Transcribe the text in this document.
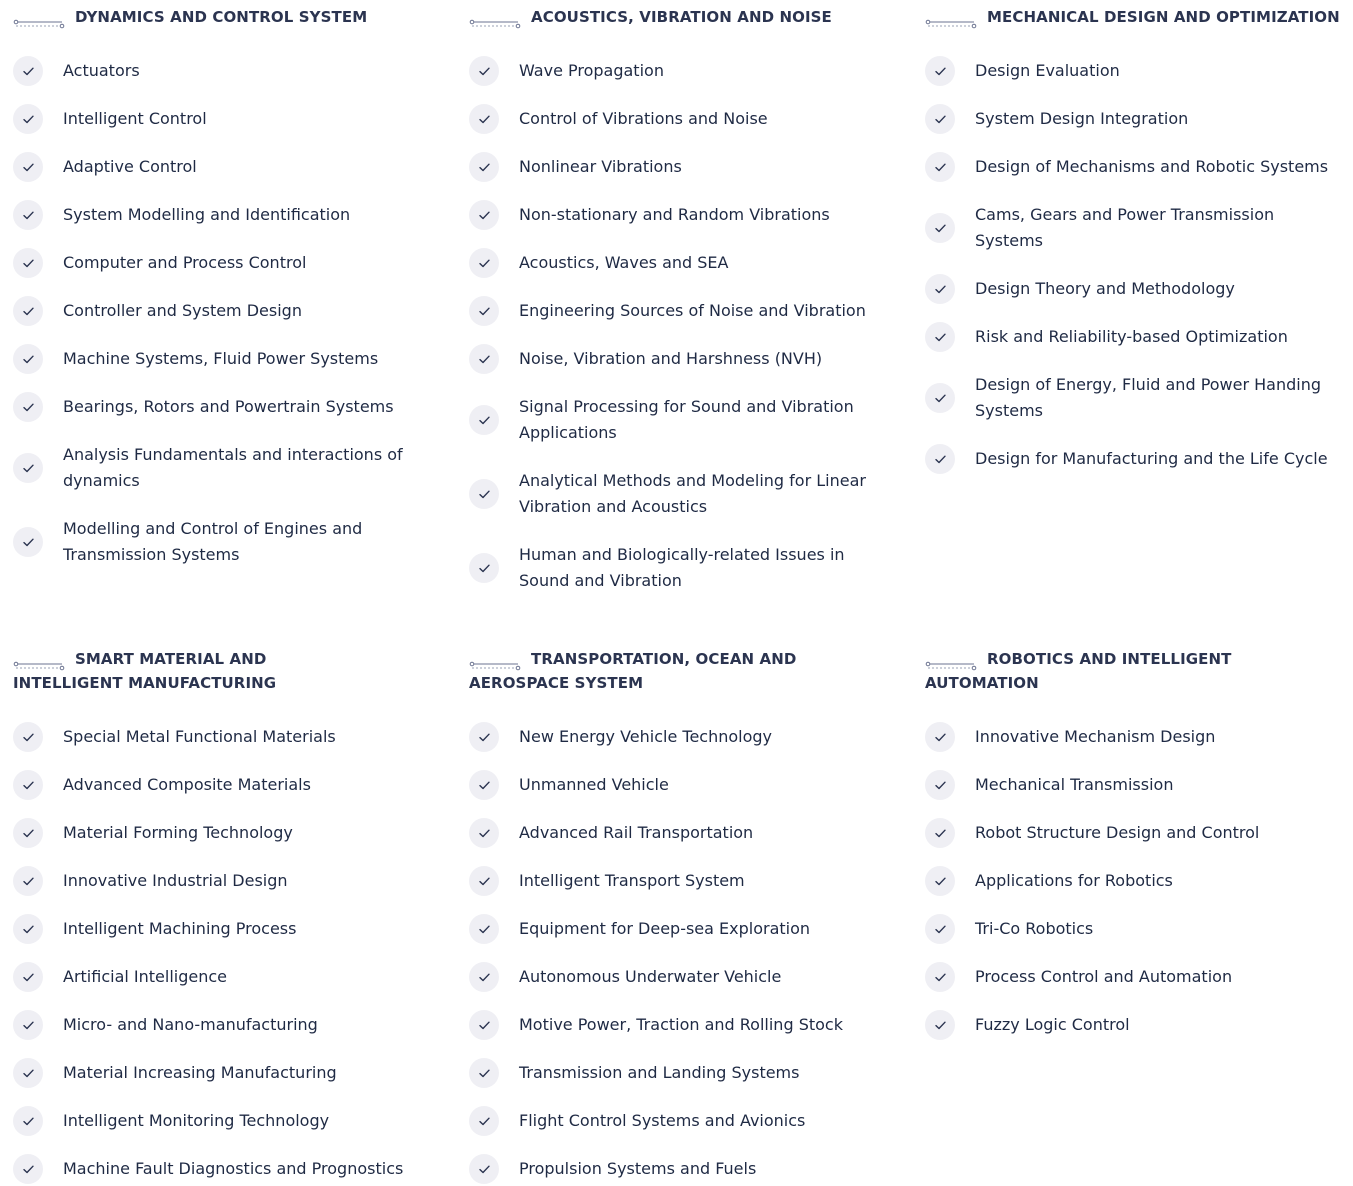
DYNAMICS AND CONTROL SYSTEM
Actuators
Intelligent Control
Adaptive Control
System Modelling and Identification
Computer and Process Control
Controller and System Design
Machine Systems, Fluid Power Systems
Bearings, Rotors and Powertrain Systems
Analysis Fundamentals and interactions of dynamics
Modelling and Control of Engines and Transmission Systems
ACOUSTICS, VIBRATION AND NOISE
Wave Propagation
Control of Vibrations and Noise
Nonlinear Vibrations
Non-stationary and Random Vibrations
Acoustics, Waves and SEA
Engineering Sources of Noise and Vibration
Noise, Vibration and Harshness (NVH)
Signal Processing for Sound and Vibration Applications
Analytical Methods and Modeling for Linear Vibration and Acoustics
Human and Biologically-related Issues in Sound and Vibration
MECHANICAL DESIGN AND OPTIMIZATION
Design Evaluation
System Design Integration
Design of Mechanisms and Robotic Systems
Cams, Gears and Power Transmission Systems
Design Theory and Methodology
Risk and Reliability-based Optimization
Design of Energy, Fluid and Power Handing Systems
Design for Manufacturing and the Life Cycle
SMART MATERIAL AND INTELLIGENT MANUFACTURING
Special Metal Functional Materials
Advanced Composite Materials
Material Forming Technology
Innovative Industrial Design
Intelligent Machining Process
Artificial Intelligence
Micro- and Nano-manufacturing
Material Increasing Manufacturing
Intelligent Monitoring Technology
Machine Fault Diagnostics and Prognostics
TRANSPORTATION, OCEAN AND AEROSPACE SYSTEM
New Energy Vehicle Technology
Unmanned Vehicle
Advanced Rail Transportation
Intelligent Transport System
Equipment for Deep-sea Exploration
Autonomous Underwater Vehicle
Motive Power, Traction and Rolling Stock
Transmission and Landing Systems
Flight Control Systems and Avionics
Propulsion Systems and Fuels
ROBOTICS AND INTELLIGENT AUTOMATION
Innovative Mechanism Design
Mechanical Transmission
Robot Structure Design and Control
Applications for Robotics
Tri-Co Robotics
Process Control and Automation
Fuzzy Logic Control
